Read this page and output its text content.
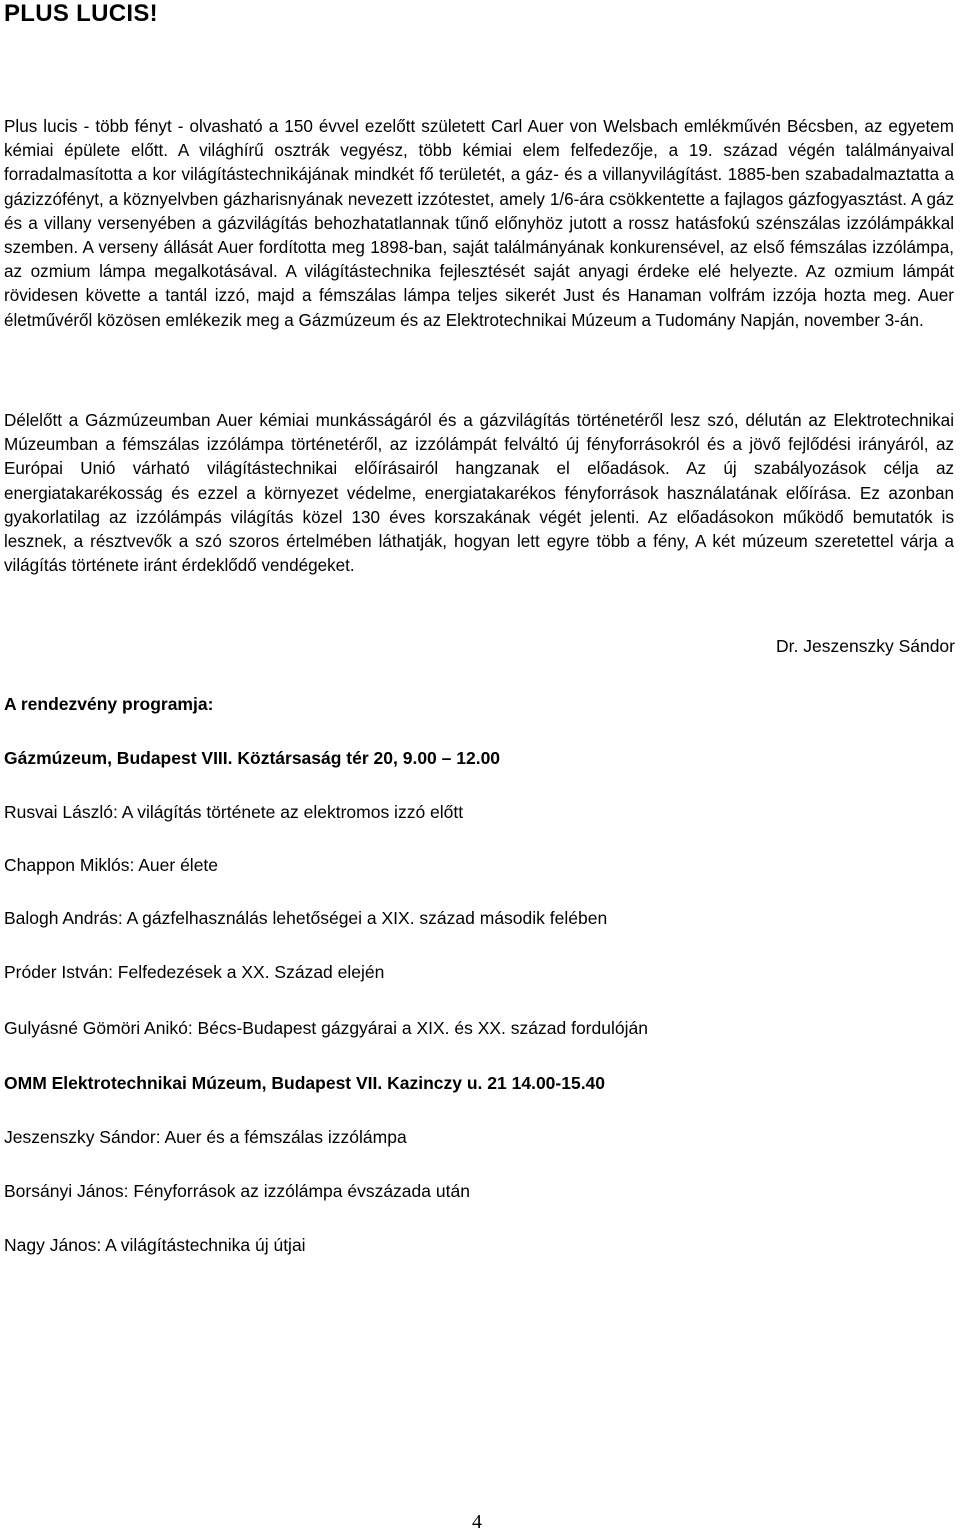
PLUS LUCIS!

Plus lucis - több fényt - olvasható a 150 évvel ezelőtt született Carl Auer von Welsbach emlékművén Bécsben, az egyetem kémiai épülete előtt. A világhírű osztrák vegyész, több kémiai elem felfedezője, a 19. század végén találmányaival forradalmasította a kor világítástechnikájának mindkét fő területét, a gáz- és a villanyvilágítást. 1885-ben szabadalmaztatta a gázizzófényt, a köznyelvben gázharisnyának nevezett izzótestet, amely 1/6-ára csökkentette a fajlagos gázfogyasztást. A gáz és a villany versenyében a gázvilágítás behozhatatlannak tűnő előnyhöz jutott a rossz hatásfokú szénszálas izzólámpákkal szemben. A verseny állását Auer fordította meg 1898-ban, saját találmányának konkurensével, az első fémszálas izzólámpa, az ozmium lámpa megalkotásával. A világítástechnika fejlesztését saját anyagi érdeke elé helyezte. Az ozmium lámpát rövidesen követte a tantál izzó, majd a fémszálas lámpa teljes sikerét Just és Hanaman volfrám izzója hozta meg. Auer életművéről közösen emlékezik meg a Gázmúzeum és az Elektrotechnikai Múzeum a Tudomány Napján, november 3-án.

Délelőtt a Gázmúzeumban Auer kémiai munkásságáról és a gázvilágítás történetéről lesz szó, délután az Elektrotechnikai Múzeumban a fémszálas izzólámpa történetéről, az izzólámpát felváltó új fényforrásokról és a jövő fejlődési irányáról, az Európai Unió várható világítástechnikai előírásairól hangzanak el előadások. Az új szabályozások célja az energiatakarékosság és ezzel a környezet védelme, energiatakarékos fényforrások használatának előírása. Ez azonban gyakorlatilag az izzólámpás világítás közel 130 éves korszakának végét jelenti. Az előadásokon működő bemutatók is lesznek, a résztvevők a szó szoros értelmében láthatják, hogyan lett egyre több a fény, A két múzeum szeretettel várja a világítás története iránt érdeklődő vendégeket.

Dr. Jeszenszky Sándor

A rendezvény programja:

Gázmúzeum, Budapest VIII. Köztársaság tér 20, 9.00 – 12.00

Rusvai László: A világítás története az elektromos izzó előtt

Chappon Miklós: Auer élete

Balogh András: A gázfelhasználás lehetőségei a XIX. század második felében

Próder István: Felfedezések a XX. Század elején

Gulyásné Gömöri Anikó: Bécs-Budapest gázgyárai a XIX. és XX. század fordulóján

OMM Elektrotechnikai Múzeum, Budapest VII. Kazinczy u. 21 14.00-15.40

Jeszenszky Sándor: Auer és a fémszálas izzólámpa

Borsányi János: Fényforrások az izzólámpa évszázada után

Nagy János: A világítástechnika új útjai

4
